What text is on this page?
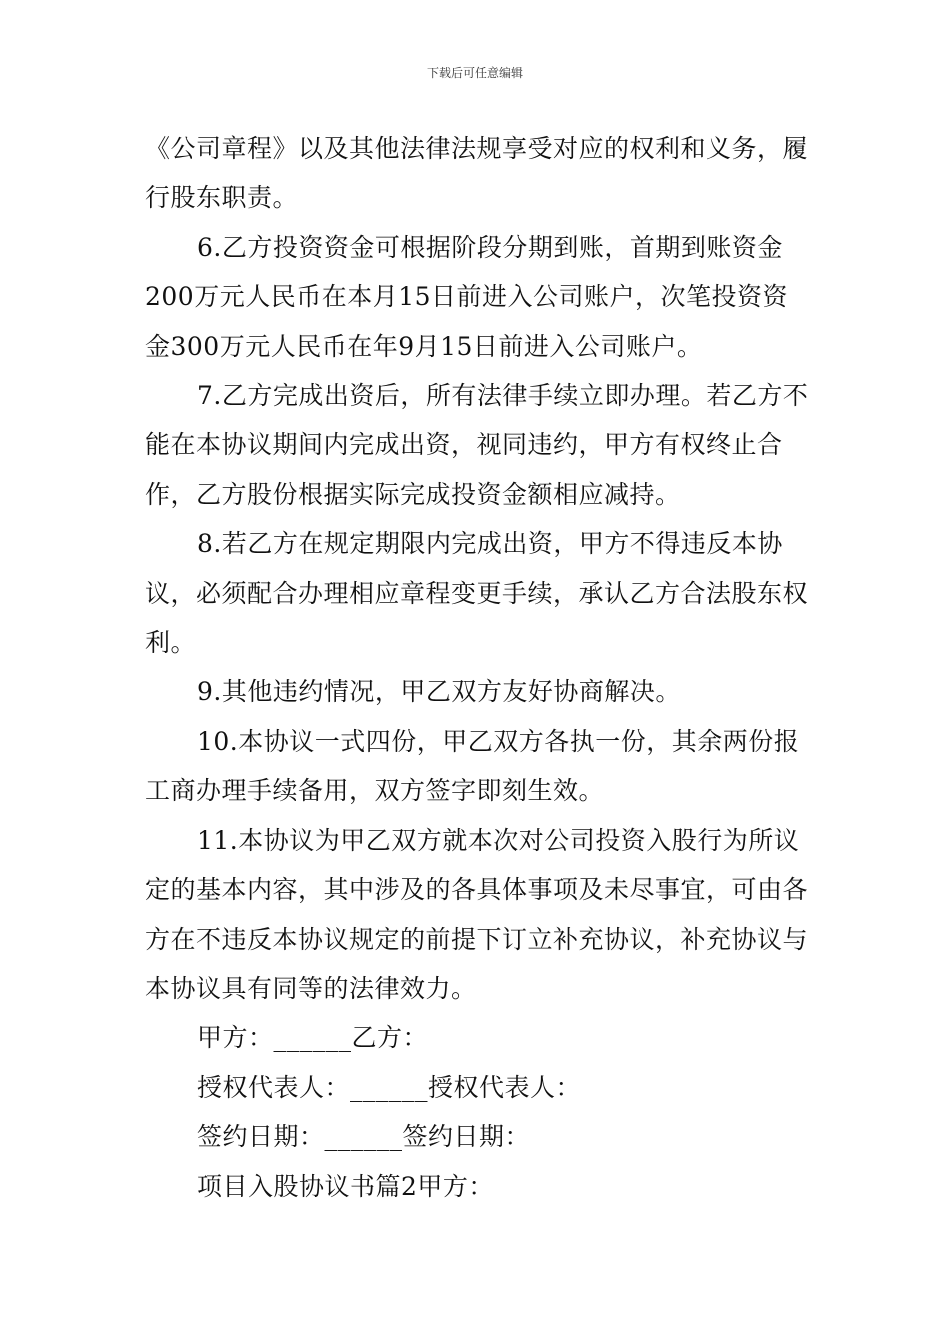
下载后可任意编辑

《公司章程》以及其他法律法规享受对应的权利和义务，履行股东职责。

6.乙方投资资金可根据阶段分期到账，首期到账资金200万元人民币在本月15日前进入公司账户，次笔投资资金300万元人民币在年9月15日前进入公司账户。

7.乙方完成出资后，所有法律手续立即办理。若乙方不能在本协议期间内完成出资，视同违约，甲方有权终止合作，乙方股份根据实际完成投资金额相应减持。

8.若乙方在规定期限内完成出资，甲方不得违反本协议，必须配合办理相应章程变更手续，承认乙方合法股东权利。

9.其他违约情况，甲乙双方友好协商解决。

10.本协议一式四份，甲乙双方各执一份，其余两份报工商办理手续备用，双方签字即刻生效。

11.本协议为甲乙双方就本次对公司投资入股行为所议定的基本内容，其中涉及的各具体事项及未尽事宜，可由各方在不违反本协议规定的前提下订立补充协议，补充协议与本协议具有同等的法律效力。

甲方：______乙方：

授权代表人：______授权代表人：

签约日期：______签约日期：

项目入股协议书篇2甲方：
